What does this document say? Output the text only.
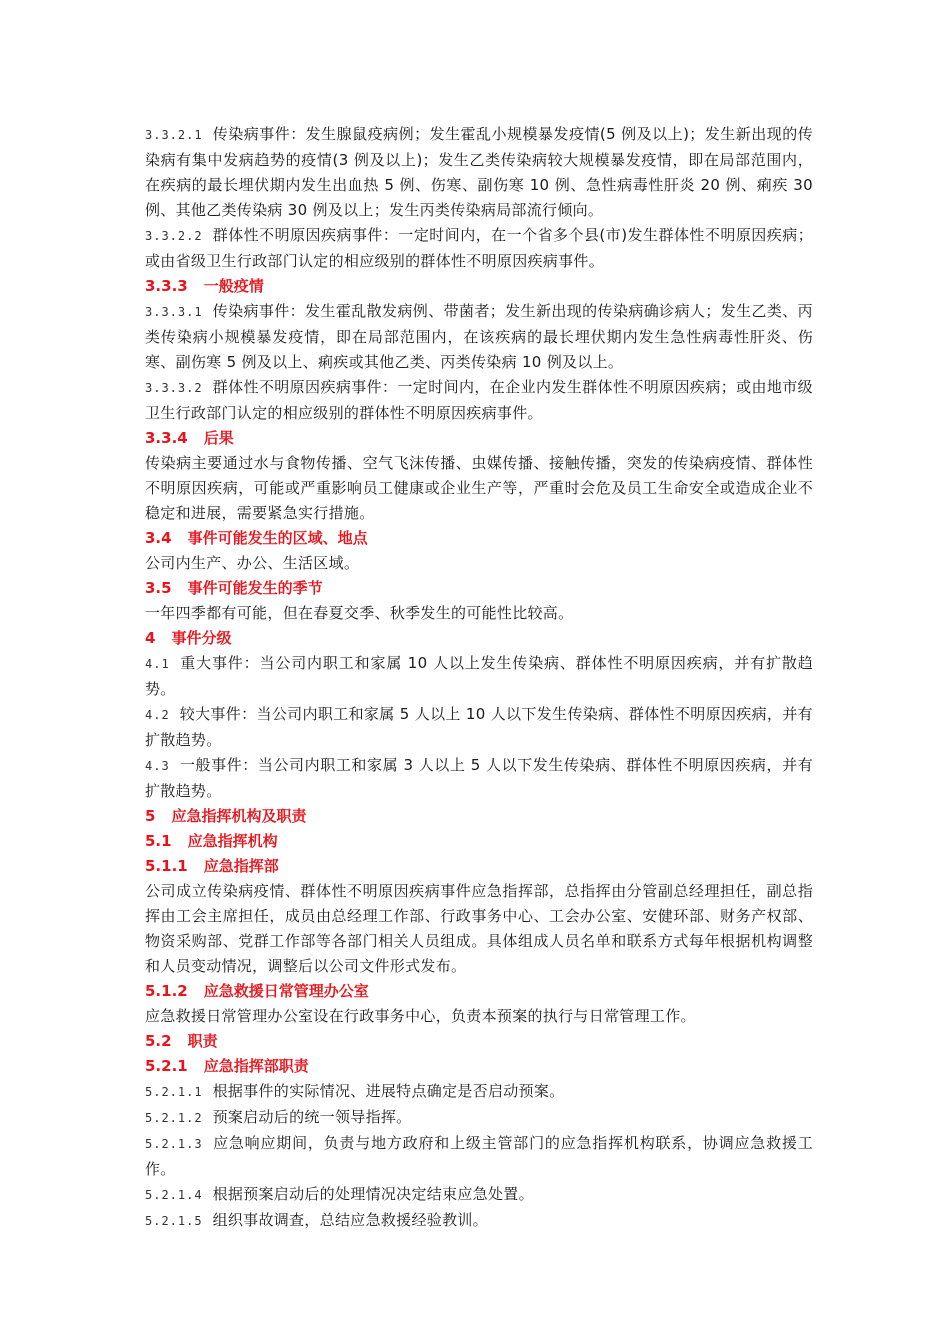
3.3.2.1 传染病事件：发生腺鼠疫病例；发生霍乱小规模暴发疫情(5 例及以上)；发生新出现的传染病有集中发病趋势的疫情(3 例及以上)；发生乙类传染病较大规模暴发疫情，即在局部范围内，在疾病的最长埋伏期内发生出血热 5 例、伤寒、副伤寒 10 例、急性病毒性肝炎 20 例、痢疾 30 例、其他乙类传染病 30 例及以上；发生丙类传染病局部流行倾向。

3.3.2.2 群体性不明原因疾病事件：一定时间内，在一个省多个县(市)发生群体性不明原因疾病；或由省级卫生行政部门认定的相应级别的群体性不明原因疾病事件。

3.3.3 一般疫情

3.3.3.1 传染病事件：发生霍乱散发病例、带菌者；发生新出现的传染病确诊病人；发生乙类、丙类传染病小规模暴发疫情，即在局部范围内，在该疾病的最长埋伏期内发生急性病毒性肝炎、伤寒、副伤寒 5 例及以上、痢疾或其他乙类、丙类传染病 10 例及以上。

3.3.3.2 群体性不明原因疾病事件：一定时间内，在企业内发生群体性不明原因疾病；或由地市级卫生行政部门认定的相应级别的群体性不明原因疾病事件。

3.3.4 后果

传染病主要通过水与食物传播、空气飞沫传播、虫媒传播、接触传播，突发的传染病疫情、群体性不明原因疾病，可能或严重影响员工健康或企业生产等，严重时会危及员工生命安全或造成企业不稳定和进展，需要紧急实行措施。

3.4 事件可能发生的区域、地点

公司内生产、办公、生活区域。

3.5 事件可能发生的季节

一年四季都有可能，但在春夏交季、秋季发生的可能性比较高。

4 事件分级

4.1 重大事件：当公司内职工和家属 10 人以上发生传染病、群体性不明原因疾病，并有扩散趋势。

4.2 较大事件：当公司内职工和家属 5 人以上 10 人以下发生传染病、群体性不明原因疾病，并有扩散趋势。

4.3 一般事件：当公司内职工和家属 3 人以上 5 人以下发生传染病、群体性不明原因疾病，并有扩散趋势。

5 应急指挥机构及职责

5.1 应急指挥机构

5.1.1 应急指挥部

公司成立传染病疫情、群体性不明原因疾病事件应急指挥部，总指挥由分管副总经理担任，副总指挥由工会主席担任，成员由总经理工作部、行政事务中心、工会办公室、安健环部、财务产权部、物资采购部、党群工作部等各部门相关人员组成。具体组成人员名单和联系方式每年根据机构调整和人员变动情况，调整后以公司文件形式发布。

5.1.2 应急救援日常管理办公室

应急救援日常管理办公室设在行政事务中心，负责本预案的执行与日常管理工作。

5.2 职责

5.2.1 应急指挥部职责

5.2.1.1 根据事件的实际情况、进展特点确定是否启动预案。

5.2.1.2 预案启动后的统一领导指挥。

5.2.1.3 应急响应期间，负责与地方政府和上级主管部门的应急指挥机构联系，协调应急救援工作。

5.2.1.4 根据预案启动后的处理情况决定结束应急处置。

5.2.1.5 组织事故调查，总结应急救援经验教训。
